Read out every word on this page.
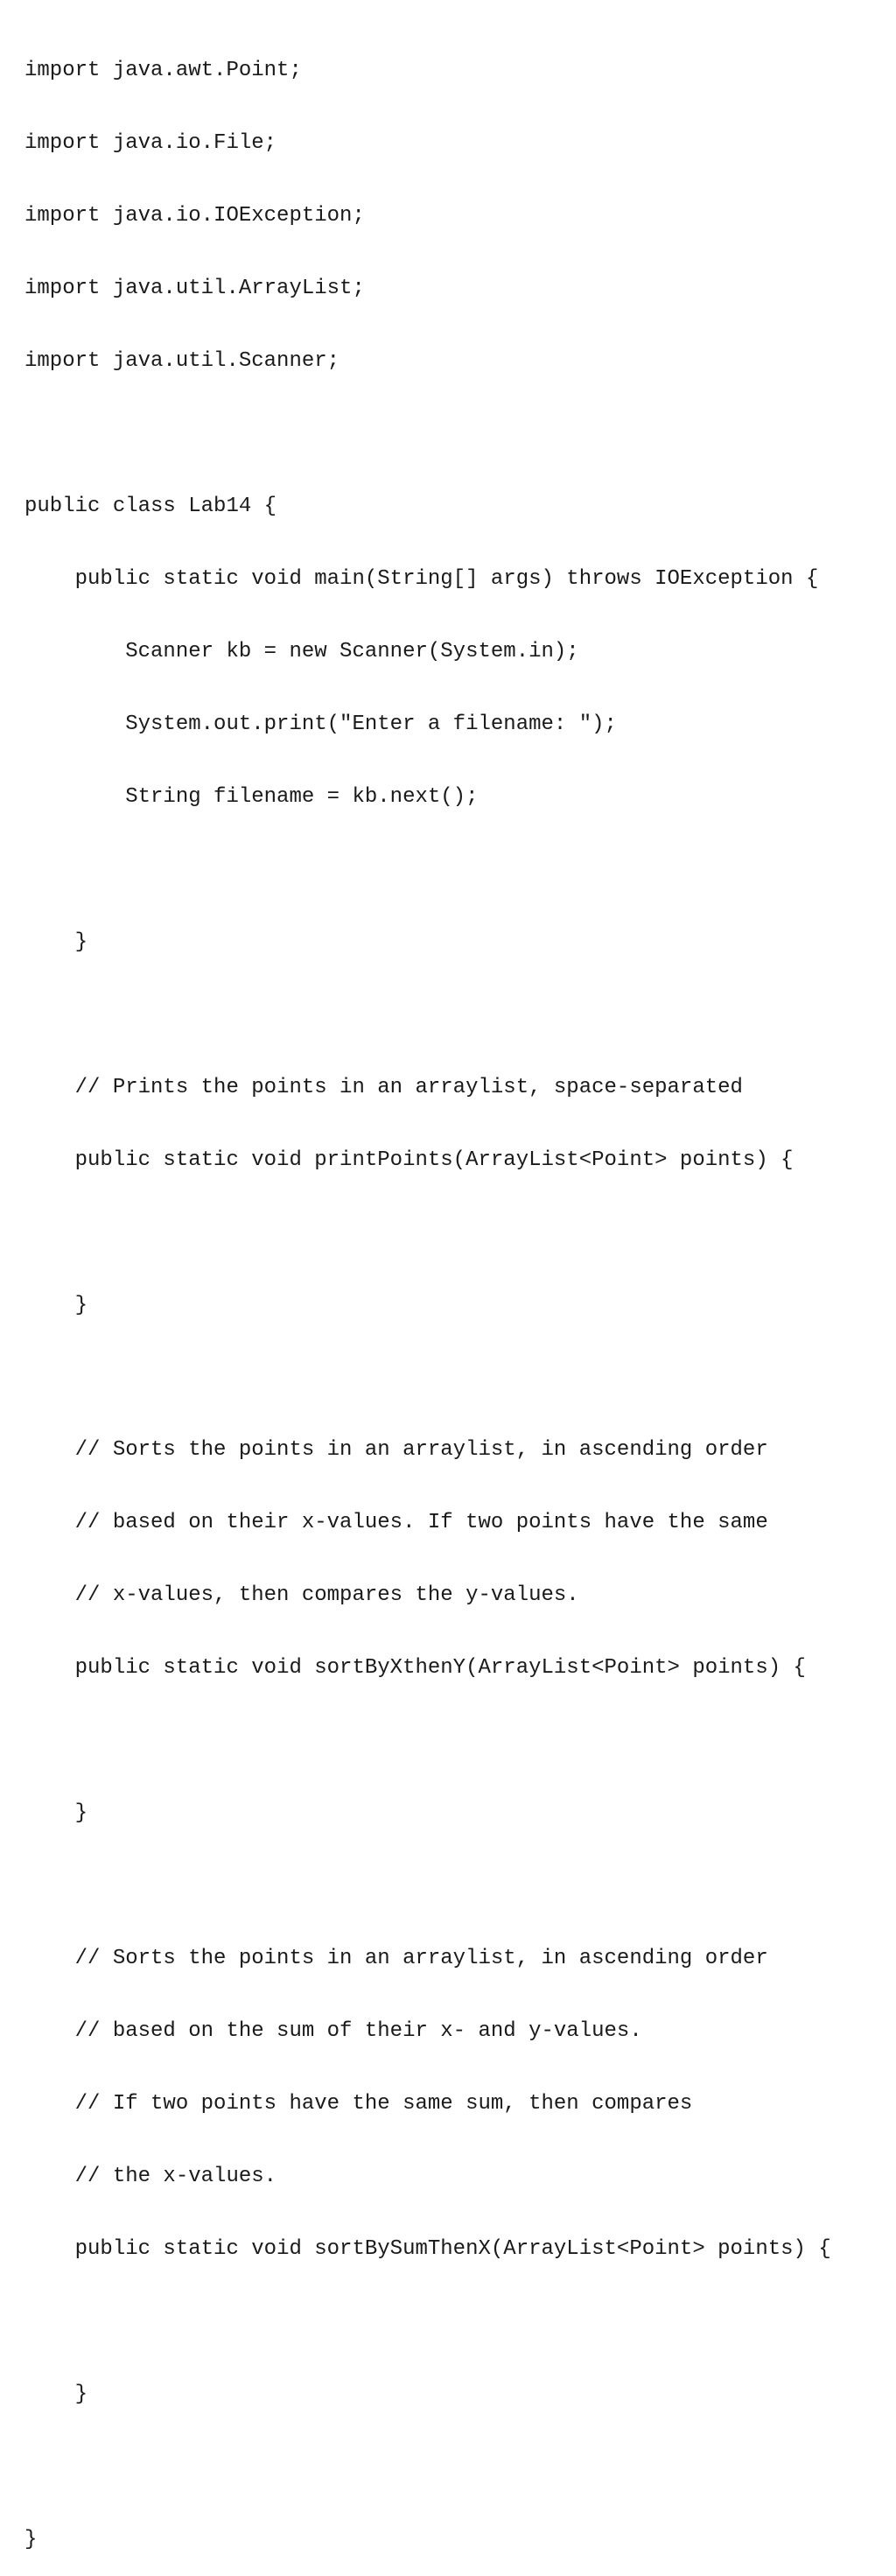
import java.awt.Point;

import java.io.File;

import java.io.IOException;

import java.util.ArrayList;

import java.util.Scanner;

public class Lab14 {

public static void main(String[] args) throws IOException {

Scanner kb = new Scanner(System.in);

System.out.print("Enter a filename: ");

String filename = kb.next();

}

// Prints the points in an arraylist, space-separated

public static void printPoints(ArrayList<Point> points) {

}

// Sorts the points in an arraylist, in ascending order

// based on their x-values. If two points have the same

// x-values, then compares the y-values.

public static void sortByXthenY(ArrayList<Point> points) {

}

// Sorts the points in an arraylist, in ascending order

// based on the sum of their x- and y-values.

// If two points have the same sum, then compares

// the x-values.

public static void sortBySumThenX(ArrayList<Point> points) {

}

}
